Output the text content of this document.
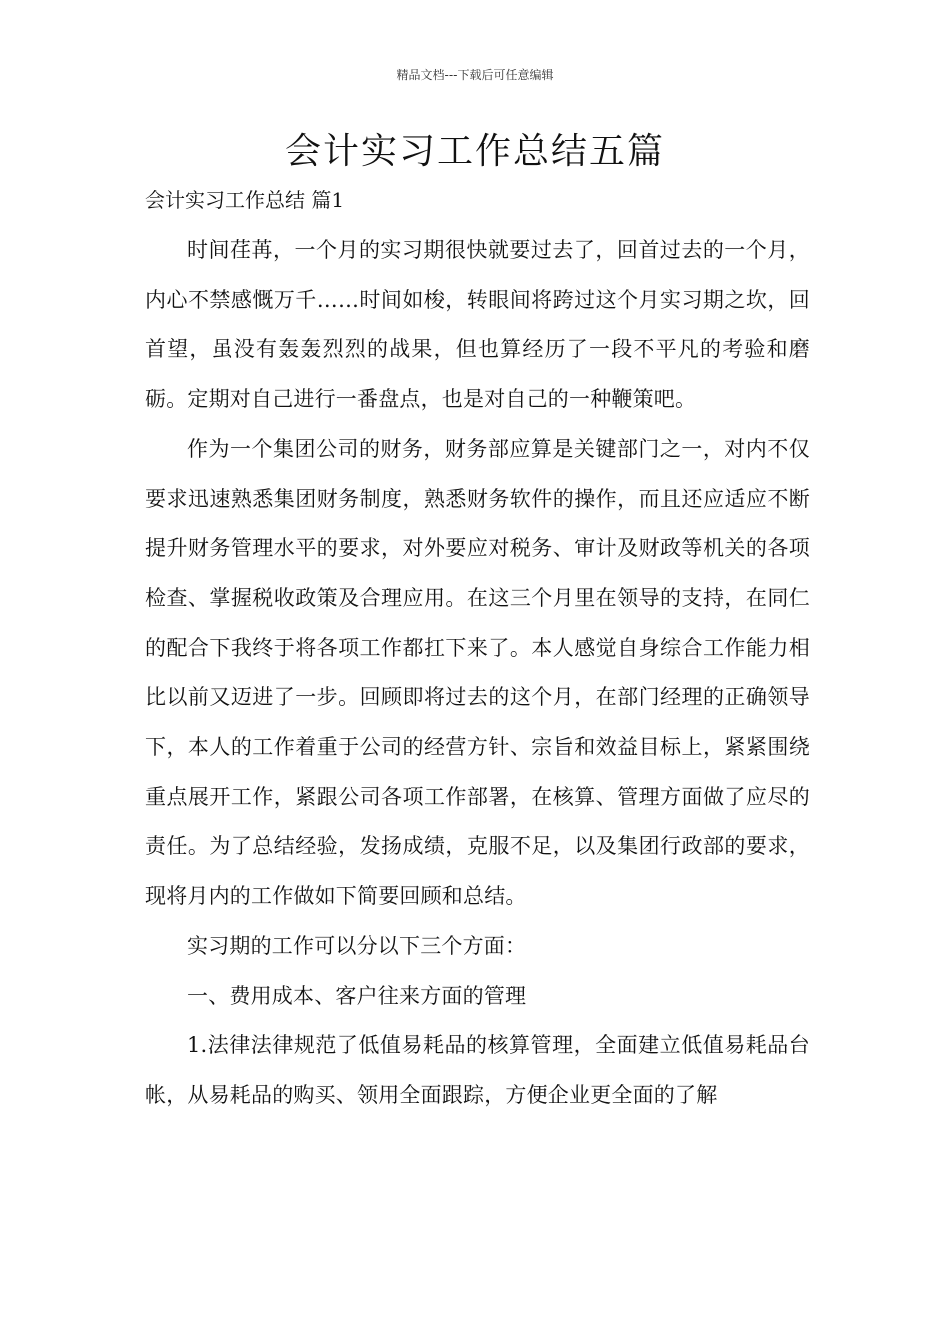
精品文档---下载后可任意编辑
会计实习工作总结五篇
会计实习工作总结 篇1

时间荏苒，一个月的实习期很快就要过去了，回首过去的一个月，内心不禁感慨万千……时间如梭，转眼间将跨过这个月实习期之坎，回首望，虽没有轰轰烈烈的战果，但也算经历了一段不平凡的考验和磨砺。定期对自己进行一番盘点，也是对自己的一种鞭策吧。

作为一个集团公司的财务，财务部应算是关键部门之一，对内不仅要求迅速熟悉集团财务制度，熟悉财务软件的操作，而且还应适应不断提升财务管理水平的要求，对外要应对税务、审计及财政等机关的各项检查、掌握税收政策及合理应用。在这三个月里在领导的支持，在同仁的配合下我终于将各项工作都扛下来了。本人感觉自身综合工作能力相比以前又迈进了一步。回顾即将过去的这个月，在部门经理的正确领导下，本人的工作着重于公司的经营方针、宗旨和效益目标上，紧紧围绕重点展开工作，紧跟公司各项工作部署，在核算、管理方面做了应尽的责任。为了总结经验，发扬成绩，克服不足，以及集团行政部的要求，现将月内的工作做如下简要回顾和总结。

实习期的工作可以分以下三个方面：

一、费用成本、客户往来方面的管理

1.法律法律规范了低值易耗品的核算管理，全面建立低值易耗品台帐，从易耗品的购买、领用全面跟踪，方便企业更全面的了解
